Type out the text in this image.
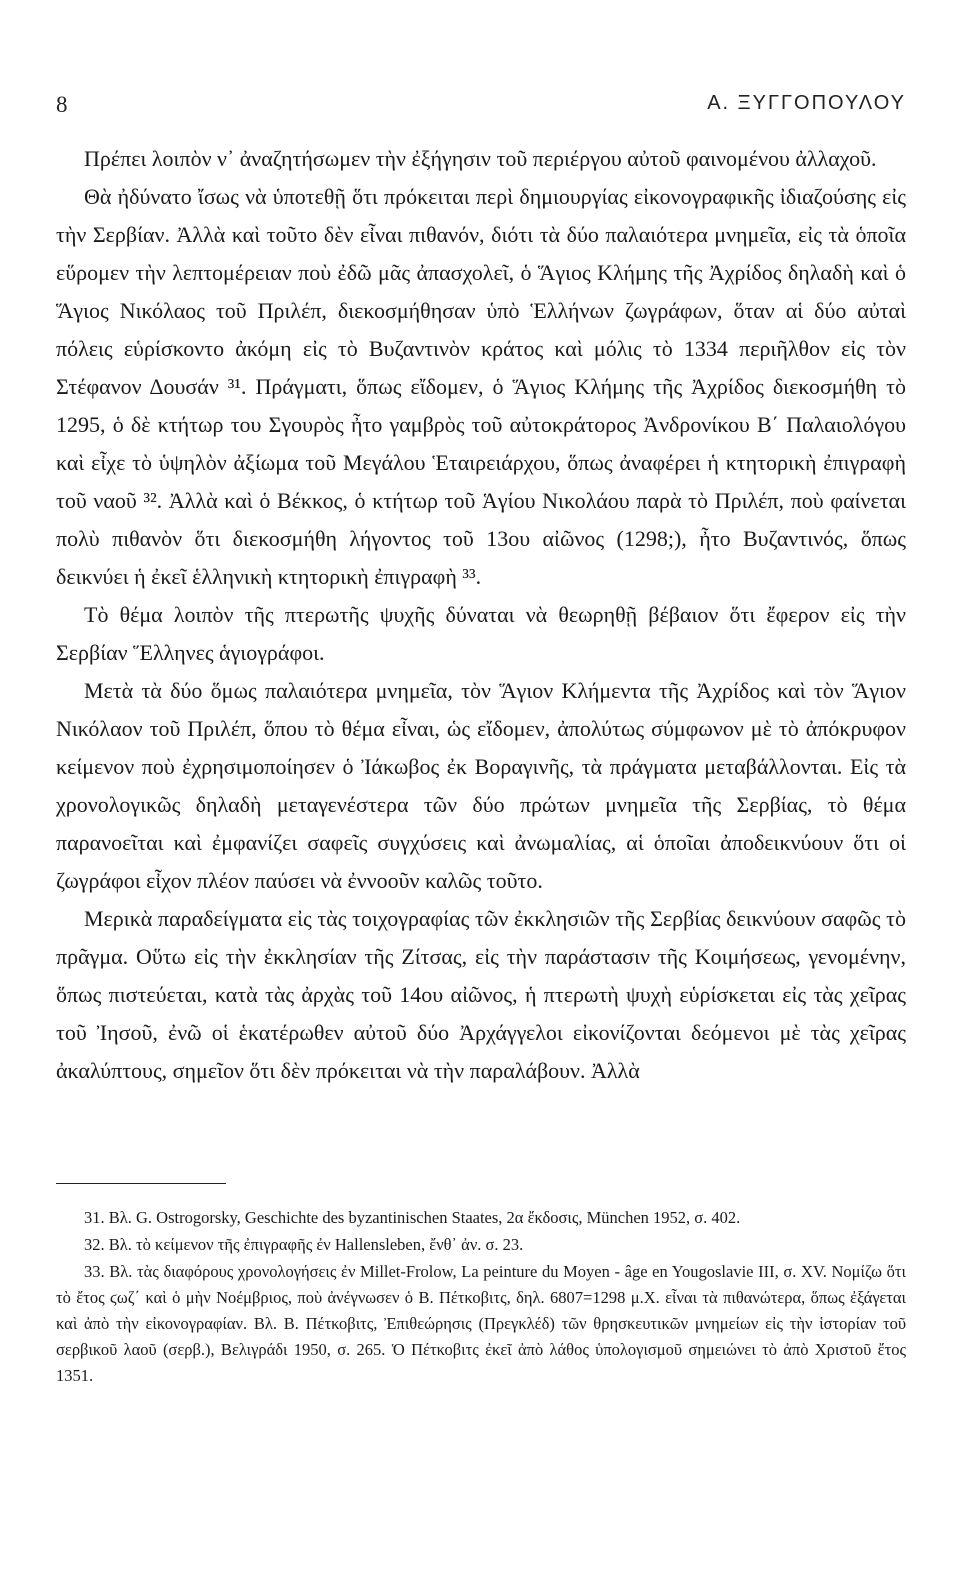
8	Α. ΞΥΓΓΟΠΟΥΛΟΥ

Πρέπει λοιπὸν ν᾽ ἀναζητήσωμεν τὴν ἐξήγησιν τοῦ περιέργου αὐτοῦ φαινομένου ἀλλαχοῦ.

Θὰ ἠδύνατο ἴσως νὰ ὑποτεθῇ ὅτι πρόκειται περὶ δημιουργίας εἰκονογραφικῆς ἰδιαζούσης εἰς τὴν Σερβίαν. Ἀλλὰ καὶ τοῦτο δὲν εἶναι πιθανόν, διότι τὰ δύο παλαιότερα μνημεῖα, εἰς τὰ ὁποῖα εὕρομεν τὴν λεπτομέρειαν ποὺ ἐδῶ μᾶς ἀπασχολεῖ, ὁ Ἅγιος Κλήμης τῆς Ἀχρίδος δηλαδὴ καὶ ὁ Ἅγιος Νικόλαος τοῦ Πριλέπ, διεκοσμήθησαν ὑπὸ Ἑλλήνων ζωγράφων, ὅταν αἱ δύο αὐταὶ πόλεις εὑρίσκοντο ἀκόμη εἰς τὸ Βυζαντινὸν κράτος καὶ μόλις τὸ 1334 περιῆλθον εἰς τὸν Στέφανον Δουσάν ³¹. Πράγματι, ὅπως εἴδομεν, ὁ Ἅγιος Κλήμης τῆς Ἀχρίδος διεκοσμήθη τὸ 1295, ὁ δὲ κτήτωρ του Σγουρὸς ἦτο γαμβρὸς τοῦ αὐτοκράτορος Ἀνδρονίκου Β΄ Παλαιολόγου καὶ εἶχε τὸ ὑψηλὸν ἀξίωμα τοῦ Μεγάλου Ἑταιρειάρχου, ὅπως ἀναφέρει ἡ κτητορικὴ ἐπιγραφὴ τοῦ ναοῦ ³². Ἀλλὰ καὶ ὁ Βέκκος, ὁ κτήτωρ τοῦ Ἁγίου Νικολάου παρὰ τὸ Πριλέπ, ποὺ φαίνεται πολὺ πιθανὸν ὅτι διεκοσμήθη λήγοντος τοῦ 13ου αἰῶνος (1298;), ἦτο Βυζαντινός, ὅπως δεικνύει ἡ ἐκεῖ ἑλληνικὴ κτητορικὴ ἐπιγραφὴ ³³.

Τὸ θέμα λοιπὸν τῆς πτερωτῆς ψυχῆς δύναται νὰ θεωρηθῇ βέβαιον ὅτι ἔφερον εἰς τὴν Σερβίαν Ἕλληνες ἁγιογράφοι.

Μετὰ τὰ δύο ὅμως παλαιότερα μνημεῖα, τὸν Ἅγιον Κλήμεντα τῆς Ἀχρίδος καὶ τὸν Ἅγιον Νικόλαον τοῦ Πριλέπ, ὅπου τὸ θέμα εἶναι, ὡς εἴδομεν, ἀπολύτως σύμφωνον μὲ τὸ ἀπόκρυφον κείμενον ποὺ ἐχρησιμοποίησεν ὁ Ἰάκωβος ἐκ Βοραγινῆς, τὰ πράγματα μεταβάλλονται. Εἰς τὰ χρονολογικῶς δηλαδὴ μεταγενέστερα τῶν δύο πρώτων μνημεῖα τῆς Σερβίας, τὸ θέμα παρανοεῖται καὶ ἐμφανίζει σαφεῖς συγχύσεις καὶ ἀνωμαλίας, αἱ ὁποῖαι ἀποδεικνύουν ὅτι οἱ ζωγράφοι εἶχον πλέον παύσει νὰ ἐννοοῦν καλῶς τοῦτο.

Μερικὰ παραδείγματα εἰς τὰς τοιχογραφίας τῶν ἐκκλησιῶν τῆς Σερβίας δεικνύουν σαφῶς τὸ πρᾶγμα. Οὕτω εἰς τὴν ἐκκλησίαν τῆς Ζίτσας, εἰς τὴν παράστασιν τῆς Κοιμήσεως, γενομένην, ὅπως πιστεύεται, κατὰ τὰς ἀρχὰς τοῦ 14ου αἰῶνος, ἡ πτερωτὴ ψυχὴ εὑρίσκεται εἰς τὰς χεῖρας τοῦ Ἰησοῦ, ἐνῶ οἱ ἑκατέρωθεν αὐτοῦ δύο Ἀρχάγγελοι εἰκονίζονται δεόμενοι μὲ τὰς χεῖρας ἀκαλύπτους, σημεῖον ὅτι δὲν πρόκειται νὰ τὴν παραλάβουν. Ἀλλὰ

31. Βλ. G. Ostrogorsky, Geschichte des byzantinischen Staates, 2α ἔκδοσις, München 1952, σ. 402.

32. Βλ. τὸ κείμενον τῆς ἐπιγραφῆς ἐν Hallensleben, ἔνθ᾽ ἀν. σ. 23.

33. Βλ. τὰς διαφόρους χρονολογήσεις ἐν Millet-Frolow, La peinture du Moyen - âge en Yougoslavie III, σ. XV. Νομίζω ὅτι τὸ ἔτος ϛωζ΄ καὶ ὁ μὴν Νοέμβριος, ποὺ ἀνέγνωσεν ὁ Β. Πέτκοβιτς, δηλ. 6807=1298 μ.Χ. εἶναι τὰ πιθανώτερα, ὅπως ἐξάγεται καὶ ἀπὸ τὴν εἰκονογραφίαν. Βλ. Β. Πέτκοβιτς, Ἐπιθεώρησις (Πρεγκλέδ) τῶν θρησκευτικῶν μνημείων εἰς τὴν ἱστορίαν τοῦ σερβικοῦ λαοῦ (σερβ.), Βελιγράδι 1950, σ. 265. Ὁ Πέτκοβιτς ἐκεῖ ἀπὸ λάθος ὑπολογισμοῦ σημειώνει τὸ ἀπὸ Χριστοῦ ἔτος 1351.
